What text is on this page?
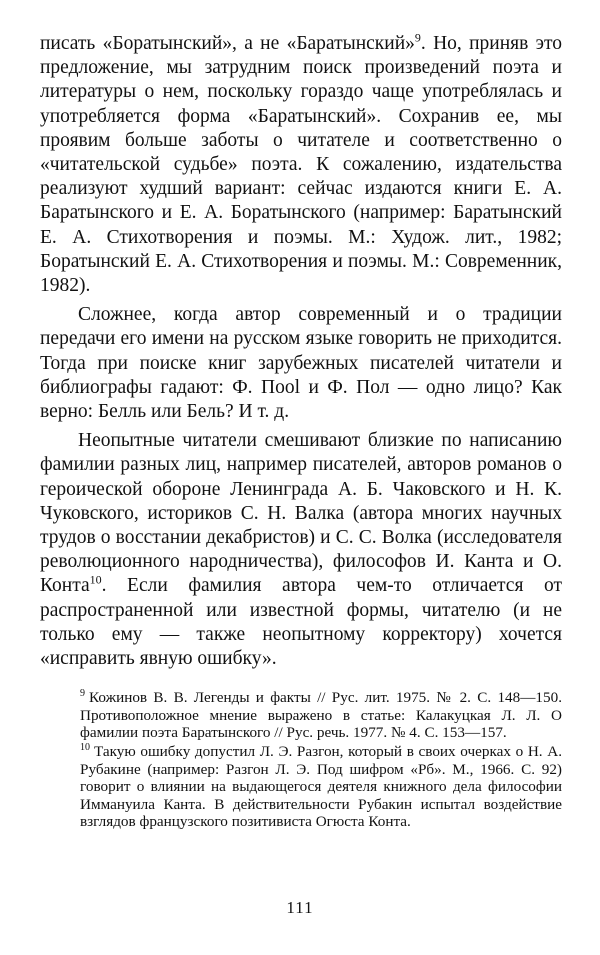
писать «Боратынский», а не «Баратынский»$^9$. Но, приняв это предложение, мы затрудним поиск произведений поэта и литературы о нем, поскольку гораздо чаще употреблялась и употребляется форма «Баратынский». Сохранив ее, мы проявим больше заботы о читателе и соответственно о «читательской судьбе» поэта. К сожалению, издательства реализуют худший вариант: сейчас издаются книги Е. А. Баратынского и Е. А. Боратынского (например: Баратынский Е. А. Стихотворения и поэмы. М.: Худож. лит., 1982; Боратынский Е. А. Стихотворения и поэмы. М.: Современник, 1982).

Сложнее, когда автор современный и о традиции передачи его имени на русском языке говорить не приходится. Тогда при поиске книг зарубежных писателей читатели и библиографы гадают: Ф. Пool и Ф. Пол — одно лицо? Как верно: Белль или Бель? И т. д.

Неопытные читатели смешивают близкие по написанию фамилии разных лиц, например писателей, авторов романов о героической обороне Ленинграда А. Б. Чаковского и Н. К. Чуковского, историков С. Н. Валка (автора многих научных трудов о восстании декабристов) и С. С. Волка (исследователя революционного народничества), философов И. Канта и О. Конта$^{10}$. Если фамилия автора чем-то отличается от распространенной или известной формы, читателю (и не только ему — также неопытному корректору) хочется «исправить явную ошибку».

$^9$ Кожинов В. В. Легенды и факты // Рус. лит. 1975. № 2. С. 148—150. Противоположное мнение выражено в статье: Калакуцкая Л. Л. О фамилии поэта Баратынского // Рус. речь. 1977. № 4. С. 153—157.

$^{10}$ Такую ошибку допустил Л. Э. Разгон, который в своих очерках о Н. А. Рубакине (например: Разгон Л. Э. Под шифром «Рб». М., 1966. С. 92) говорит о влиянии на выдающегося деятеля книжного дела философии Иммануила Канта. В действительности Рубакин испытал воздействие взглядов французского позитивиста Огюста Конта.

111
